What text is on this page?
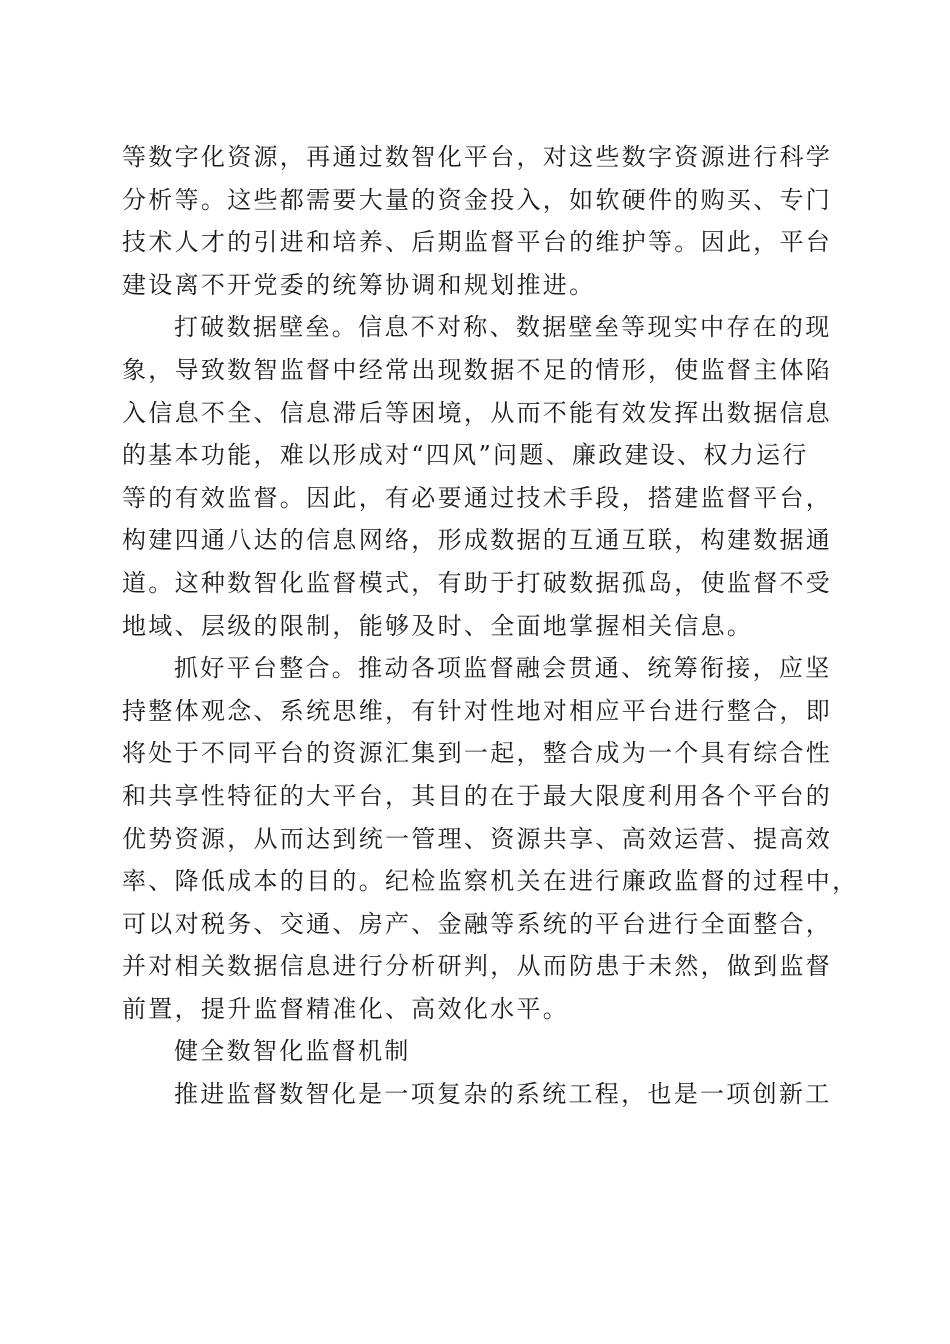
等数字化资源，再通过数智化平台，对这些数字资源进行科学
分析等。这些都需要大量的资金投入，如软硬件的购买、专门
技术人才的引进和培养、后期监督平台的维护等。因此，平台
建设离不开党委的统筹协调和规划推进。
打破数据壁垒。信息不对称、数据壁垒等现实中存在的现
象，导致数智监督中经常出现数据不足的情形，使监督主体陷
入信息不全、信息滞后等困境，从而不能有效发挥出数据信息
的基本功能，难以形成对“四风”问题、廉政建设、权力运行
等的有效监督。因此，有必要通过技术手段，搭建监督平台，
构建四通八达的信息网络，形成数据的互通互联，构建数据通
道。这种数智化监督模式，有助于打破数据孤岛，使监督不受
地域、层级的限制，能够及时、全面地掌握相关信息。
抓好平台整合。推动各项监督融会贯通、统筹衔接，应坚
持整体观念、系统思维，有针对性地对相应平台进行整合，即
将处于不同平台的资源汇集到一起，整合成为一个具有综合性
和共享性特征的大平台，其目的在于最大限度利用各个平台的
优势资源，从而达到统一管理、资源共享、高效运营、提高效
率、降低成本的目的。纪检监察机关在进行廉政监督的过程中，
可以对税务、交通、房产、金融等系统的平台进行全面整合，
并对相关数据信息进行分析研判，从而防患于未然，做到监督
前置，提升监督精准化、高效化水平。
健全数智化监督机制
推进监督数智化是一项复杂的系统工程，也是一项创新工
